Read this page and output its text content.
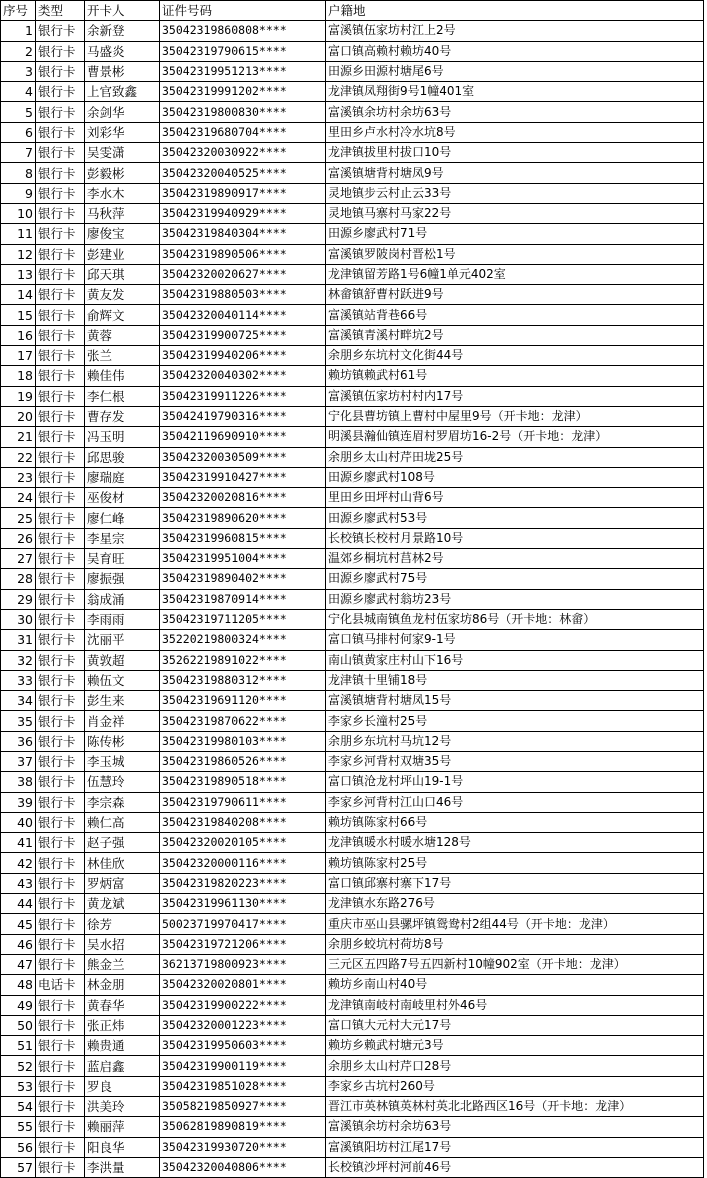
序号	类型	开卡人	证件号码	户籍地
1	银行卡	余新登	35042319860808****	富溪镇伍家坊村江上2号
2	银行卡	马盛炎	35042319790615****	富口镇高赖村赖坊40号
3	银行卡	曹景彬	35042319951213****	田源乡田源村塘尾6号
4	银行卡	上官致鑫	35042319991202****	龙津镇凤翔街9号1幢401室
5	银行卡	余剑华	35042319800830****	富溪镇余坊村余坊63号
6	银行卡	刘彩华	35042319680704****	里田乡卢水村冷水坑8号
7	银行卡	吴雯潇	35042320030922****	龙津镇拔里村拔口10号
8	银行卡	彭毅彬	35042320040525****	富溪镇塘背村塘凤9号
9	银行卡	李水木	35042319890917****	灵地镇步云村止云33号
10	银行卡	马秋萍	35042319940929****	灵地镇马寨村马家22号
11	银行卡	廖俊宝	35042319840304****	田源乡廖武村71号
12	银行卡	彭建业	35042319890506****	富溪镇罗陂岗村晋松1号
13	银行卡	邱天琪	35042320020627****	龙津镇留芳路1号6幢1单元402室
14	银行卡	黄友发	35042319880503****	林畲镇舒曹村跃进9号
15	银行卡	俞辉文	35042320040114****	富溪镇站背巷66号
16	银行卡	黄蓉	35042319900725****	富溪镇青溪村畔坑2号
17	银行卡	张兰	35042319940206****	余朋乡东坑村文化街44号
18	银行卡	赖佳伟	35042320040302****	赖坊镇赖武村61号
19	银行卡	李仁根	35042319911226****	富溪镇伍家坊村村内17号
20	银行卡	曹存发	35042419790316****	宁化县曹坊镇上曹村中屋里9号（开卡地：龙津）
21	银行卡	冯玉明	35042119690910****	明溪县瀚仙镇连眉村罗眉坊16-2号（开卡地：龙津）
22	银行卡	邱思骏	35042320030509****	余朋乡太山村芹田垅25号
23	银行卡	廖瑞庭	35042319910427****	田源乡廖武村108号
24	银行卡	巫俊材	35042320020816****	里田乡田坪村山背6号
25	银行卡	廖仁峰	35042319890620****	田源乡廖武村53号
26	银行卡	李星宗	35042319960815****	长校镇长校村月景路10号
27	银行卡	吴育旺	35042319951004****	温郊乡桐坑村莒林2号
28	银行卡	廖振强	35042319890402****	田源乡廖武村75号
29	银行卡	翁成涌	35042319870914****	田源乡廖武村翁坊23号
30	银行卡	李雨雨	35042319711205****	宁化县城南镇鱼龙村伍家坊86号（开卡地：林畲）
31	银行卡	沈丽平	35220219800324****	富口镇马排村何家9-1号
32	银行卡	黄敦超	35262219891022****	南山镇黄家庄村山下16号
33	银行卡	赖伍文	35042319880312****	龙津镇十里铺18号
34	银行卡	彭生来	35042319691120****	富溪镇塘背村塘凤15号
35	银行卡	肖金祥	35042319870622****	李家乡长潼村25号
36	银行卡	陈传彬	35042319980103****	余朋乡东坑村马坑12号
37	银行卡	李玉城	35042319860526****	李家乡河背村双塘35号
38	银行卡	伍慧玲	35042319890518****	富口镇沧龙村坪山19-1号
39	银行卡	李宗森	35042319790611****	李家乡河背村江山口46号
40	银行卡	赖仁高	35042319840208****	赖坊镇陈家村66号
41	银行卡	赵子强	35042320020105****	龙津镇暖水村暖水塘128号
42	银行卡	林佳欣	35042320000116****	赖坊镇陈家村25号
43	银行卡	罗炳富	35042319820223****	富口镇邱寨村寨下17号
44	银行卡	黄龙斌	35042319961130****	龙津镇水东路276号
45	银行卡	徐芳	50023719970417****	重庆市巫山县骡坪镇鸳鸯村2组44号（开卡地：龙津）
46	银行卡	吴水招	35042319721206****	余朋乡蛟坑村荷坊8号
47	银行卡	熊金兰	36213719800923****	三元区五四路7号五四新村10幢902室（开卡地：龙津）
48	电话卡	林金朋	35042320020801****	赖坊乡南山村40号
49	银行卡	黄春华	35042319900222****	龙津镇南岐村南岐里村外46号
50	银行卡	张正炜	35042320001223****	富口镇大元村大元17号
51	银行卡	赖贵通	35042319950603****	赖坊乡赖武村塘元3号
52	银行卡	蓝启鑫	35042319900119****	余朋乡太山村芹口28号
53	银行卡	罗良	35042319851028****	李家乡古坑村260号
54	银行卡	洪美玲	35058219850927****	晋江市英林镇英林村英北北路西区16号（开卡地：龙津）
55	银行卡	赖丽萍	35062819890819****	富溪镇余坊村余坊63号
56	银行卡	阳良华	35042319930720****	富溪镇阳坊村江尾17号
57	银行卡	李洪量	35042320040806****	长校镇沙坪村河前46号
